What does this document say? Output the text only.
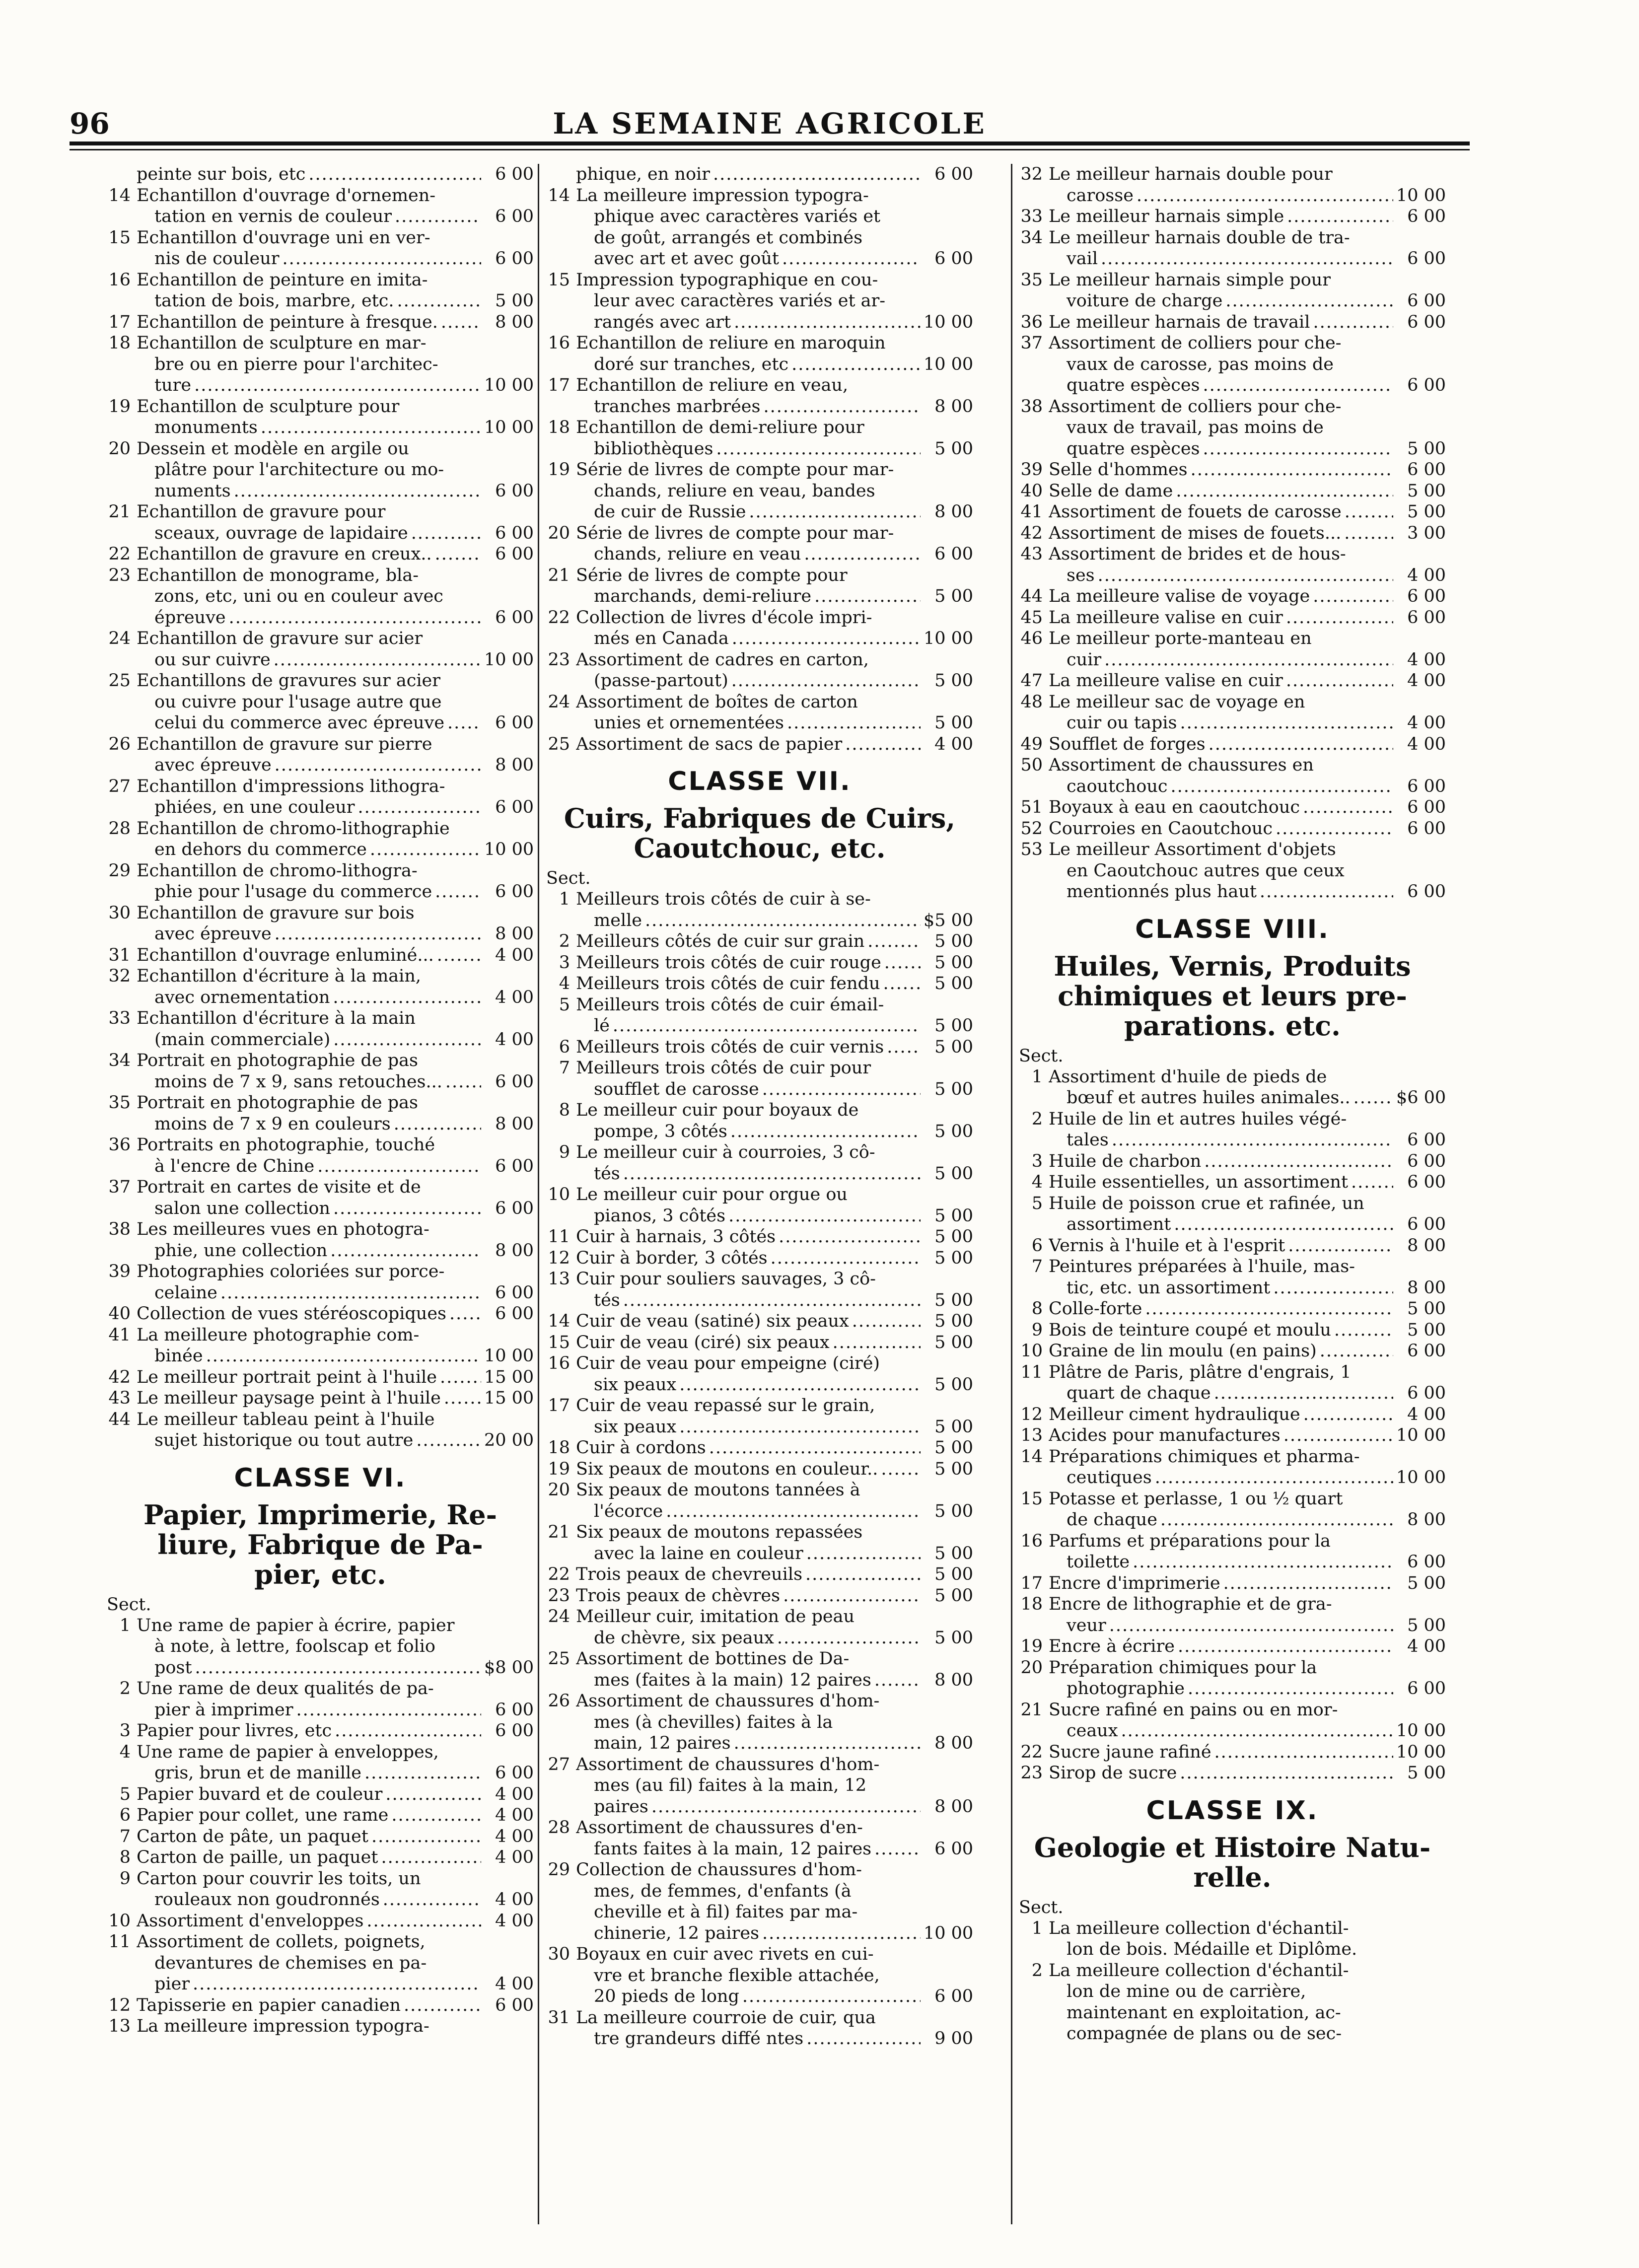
96	LA SEMAINE AGRICOLE
peinte sur bois, etc .....	6 00
14 Echantillon d'ouvrage d'ornemen-
tation en vernis de couleur .....	6 00
15 Echantillon d'ouvrage uni en ver-
nis de couleur .....	6 00
16 Echantillon de peinture en imita-
tation de bois, marbre, etc. .....	5 00
17 Echantillon de peinture à fresque. .....	8 00
18 Echantillon de sculpture en mar-
bre ou en pierre pour l'architec-
ture .....	10 00
19 Echantillon de sculpture pour
monuments .....	10 00
20 Dessein et modèle en argile ou
plâtre pour l'architecture ou mo-
numents .....	6 00
21 Echantillon de gravure pour
sceaux, ouvrage de lapidaire .....	6 00
22 Echantillon de gravure en creux.. .....	6 00
23 Echantillon de monograme, bla-
zons, etc, uni ou en couleur avec
épreuve .....	6 00
24 Echantillon de gravure sur acier
ou sur cuivre .....	10 00
25 Echantillons de gravures sur acier
ou cuivre pour l'usage autre que
celui du commerce avec épreuve .....	6 00
26 Echantillon de gravure sur pierre
avec épreuve .....	8 00
27 Echantillon d'impressions lithogra-
phiées, en une couleur .....	6 00
28 Echantillon de chromo-lithographie
en dehors du commerce .....	10 00
29 Echantillon de chromo-lithogra-
phie pour l'usage du commerce .....	6 00
30 Echantillon de gravure sur bois
avec épreuve .....	8 00
31 Echantillon d'ouvrage enluminé... .....	4 00
32 Echantillon d'écriture à la main,
avec ornementation .....	4 00
33 Echantillon d'écriture à la main
(main commerciale) .....	4 00
34 Portrait en photographie de pas
moins de 7 x 9, sans retouches... .....	6 00
35 Portrait en photographie de pas
moins de 7 x 9 en couleurs .....	8 00
36 Portraits en photographie, touché
à l'encre de Chine .....	6 00
37 Portrait en cartes de visite et de
salon une collection .....	6 00
38 Les meilleures vues en photogra-
phie, une collection .....	8 00
39 Photographies coloriées sur porce-
celaine .....	6 00
40 Collection de vues stéréoscopiques .....	6 00
41 La meilleure photographie com-
binée .....	10 00
42 Le meilleur portrait peint à l'huile .....	15 00
43 Le meilleur paysage peint à l'huile ..... 15 00
44 Le meilleur tableau peint à l'huile
sujet historique ou tout autre .....	20 00
CLASSE VI.
Papier, Imprimerie, Re-
liure, Fabrique de Pa-
pier, etc.
Sect.
1 Une rame de papier à écrire, papier
à note, à lettre, foolscap et folio
post .....	$8 00
2 Une rame de deux qualités de pa-
pier à imprimer .....	6 00
3 Papier pour livres, etc .....	6 00
4 Une rame de papier à enveloppes,
gris, brun et de manille .....	6 00
5 Papier buvard et de couleur .....	4 00
6 Papier pour collet, une rame .....	4 00
7 Carton de pâte, un paquet .....	4 00
8 Carton de paille, un paquet .....	4 00
9 Carton pour couvrir les toits, un
rouleaux non goudronnés .....	4 00
10 Assortiment d'enveloppes .....	4 00
11 Assortiment de collets, poignets,
devantures de chemises en pa-
pier .....	4 00
12 Tapisserie en papier canadien .....	6 00
13 La meilleure impression typogra-
phique, en noir .....	6 00
14 La meilleure impression typogra-
phique avec caractères variés et
de goût, arrangés et combinés
avec art et avec goût .....	6 00
15 Impression typographique en cou-
leur avec caractères variés et ar-
rangés avec art .....	10 00
16 Echantillon de reliure en maroquin
doré sur tranches, etc .....	10 00
17 Echantillon de reliure en veau,
tranches marbrées .....	8 00
18 Echantillon de demi-reliure pour
bibliothèques .....	5 00
19 Série de livres de compte pour mar-
chands, reliure en veau, bandes
de cuir de Russie .....	8 00
20 Série de livres de compte pour mar-
chands, reliure en veau .....	6 00
21 Série de livres de compte pour
marchands, demi-reliure .....	5 00
22 Collection de livres d'école impri-
més en Canada .....	10 00
23 Assortiment de cadres en carton,
(passe-partout) .....	5 00
24 Assortiment de boîtes de carton
unies et ornementées .....	5 00
25 Assortiment de sacs de papier .....	4 00
CLASSE VII.
Cuirs, Fabriques de Cuirs,
Caoutchouc, etc.
Sect.
1 Meilleurs trois côtés de cuir à se-
melle .....	$5 00
2 Meilleurs côtés de cuir sur grain .....	5 00
3 Meilleurs trois côtés de cuir rouge .....	5 00
4 Meilleurs trois côtés de cuir fendu .....	5 00
5 Meilleurs trois côtés de cuir émail-
lé .....	5 00
6 Meilleurs trois côtés de cuir vernis .....	5 00
7 Meilleurs trois côtés de cuir pour
soufflet de carosse .....	5 00
8 Le meilleur cuir pour boyaux de
pompe, 3 côtés .....	5 00
9 Le meilleur cuir à courroies, 3 cô-
tés .....	5 00
10 Le meilleur cuir pour orgue ou
pianos, 3 côtés .....	5 00
11 Cuir à harnais, 3 côtés .....	5 00
12 Cuir à border, 3 côtés .....	5 00
13 Cuir pour souliers sauvages, 3 cô-
tés .....	5 00
14 Cuir de veau (satiné) six peaux .....	5 00
15 Cuir de veau (ciré) six peaux .....	5 00
16 Cuir de veau pour empeigne (ciré)
six peaux .....	5 00
17 Cuir de veau repassé sur le grain,
six peaux .....	5 00
18 Cuir à cordons .....	5 00
19 Six peaux de moutons en couleur.. .....	5 00
20 Six peaux de moutons tannées à
l'écorce .....	5 00
21 Six peaux de moutons repassées
avec la laine en couleur .....	5 00
22 Trois peaux de chevreuils .....	5 00
23 Trois peaux de chèvres .....	5 00
24 Meilleur cuir, imitation de peau
de chèvre, six peaux .....	5 00
25 Assortiment de bottines de Da-
mes (faites à la main) 12 paires .....	8 00
26 Assortiment de chaussures d'hom-
mes (à chevilles) faites à la
main, 12 paires .....	8 00
27 Assortiment de chaussures d'hom-
mes (au fil) faites à la main, 12
paires .....	8 00
28 Assortiment de chaussures d'en-
fants faites à la main, 12 paires .....	6 00
29 Collection de chaussures d'hom-
mes, de femmes, d'enfants (à
cheville et à fil) faites par ma-
chinerie, 12 paires .....	10 00
30 Boyaux en cuir avec rivets en cui-
vre et branche flexible attachée,
20 pieds de long .....	6 00
31 La meilleure courroie de cuir, qua
tre grandeurs diffé ntes .....	9 00
32 Le meilleur harnais double pour
carosse .....	10 00
33 Le meilleur harnais simple .....	6 00
34 Le meilleur harnais double de tra-
vail .....	6 00
35 Le meilleur harnais simple pour
voiture de charge .....	6 00
36 Le meilleur harnais de travail .....	6 00
37 Assortiment de colliers pour che-
vaux de carosse, pas moins de
quatre espèces .....	6 00
38 Assortiment de colliers pour che-
vaux de travail, pas moins de
quatre espèces .....	5 00
39 Selle d'hommes .....	6 00
40 Selle de dame .....	5 00
41 Assortiment de fouets de carosse .....	5 00
42 Assortiment de mises de fouets... .....	3 00
43 Assortiment de brides et de hous-
ses .....	4 00
44 La meilleure valise de voyage .....	6 00
45 La meilleure valise en cuir .....	6 00
46 Le meilleur porte-manteau en
cuir .....	4 00
47 La meilleure valise en cuir .....	4 00
48 Le meilleur sac de voyage en
cuir ou tapis .....	4 00
49 Soufflet de forges .....	4 00
50 Assortiment de chaussures en
caoutchouc .....	6 00
51 Boyaux à eau en caoutchouc .....	6 00
52 Courroies en Caoutchouc .....	6 00
53 Le meilleur Assortiment d'objets
en Caoutchouc autres que ceux
mentionnés plus haut .....	6 00
CLASSE VIII.
Huiles, Vernis, Produits
chimiques et leurs pre-
parations. etc.
Sect.
1 Assortiment d'huile de pieds de
bœuf et autres huiles animales.. .....	$6 00
2 Huile de lin et autres huiles végé-
tales .....	6 00
3 Huile de charbon .....	6 00
4 Huile essentielles, un assortiment .....	6 00
5 Huile de poisson crue et rafinée, un
assortiment .....	6 00
6 Vernis à l'huile et à l'esprit .....	8 00
7 Peintures préparées à l'huile, mas-
tic, etc. un assortiment .....	8 00
8 Colle-forte .....	5 00
9 Bois de teinture coupé et moulu .....	5 00
10 Graine de lin moulu (en pains) .....	6 00
11 Plâtre de Paris, plâtre d'engrais, 1
quart de chaque .....	6 00
12 Meilleur ciment hydraulique .....	4 00
13 Acides pour manufactures .....	10 00
14 Préparations chimiques et pharma-
ceutiques .....	10 00
15 Potasse et perlasse, 1 ou ½ quart
de chaque .....	8 00
16 Parfums et préparations pour la
toilette .....	6 00
17 Encre d'imprimerie .....	5 00
18 Encre de lithographie et de gra-
veur .....	5 00
19 Encre à écrire .....	4 00
20 Préparation chimiques pour la
photographie .....	6 00
21 Sucre rafiné en pains ou en mor-
ceaux .....	10 00
22 Sucre jaune rafiné .....	10 00
23 Sirop de sucre .....	5 00
CLASSE IX.
Geologie et Histoire Natu-
relle.
Sect.
1 La meilleure collection d'échantil-
lon de bois. Médaille et Diplôme.
2 La meilleure collection d'échantil-
lon de mine ou de carrière,
maintenant en exploitation, ac-
compagnée de plans ou de sec-
